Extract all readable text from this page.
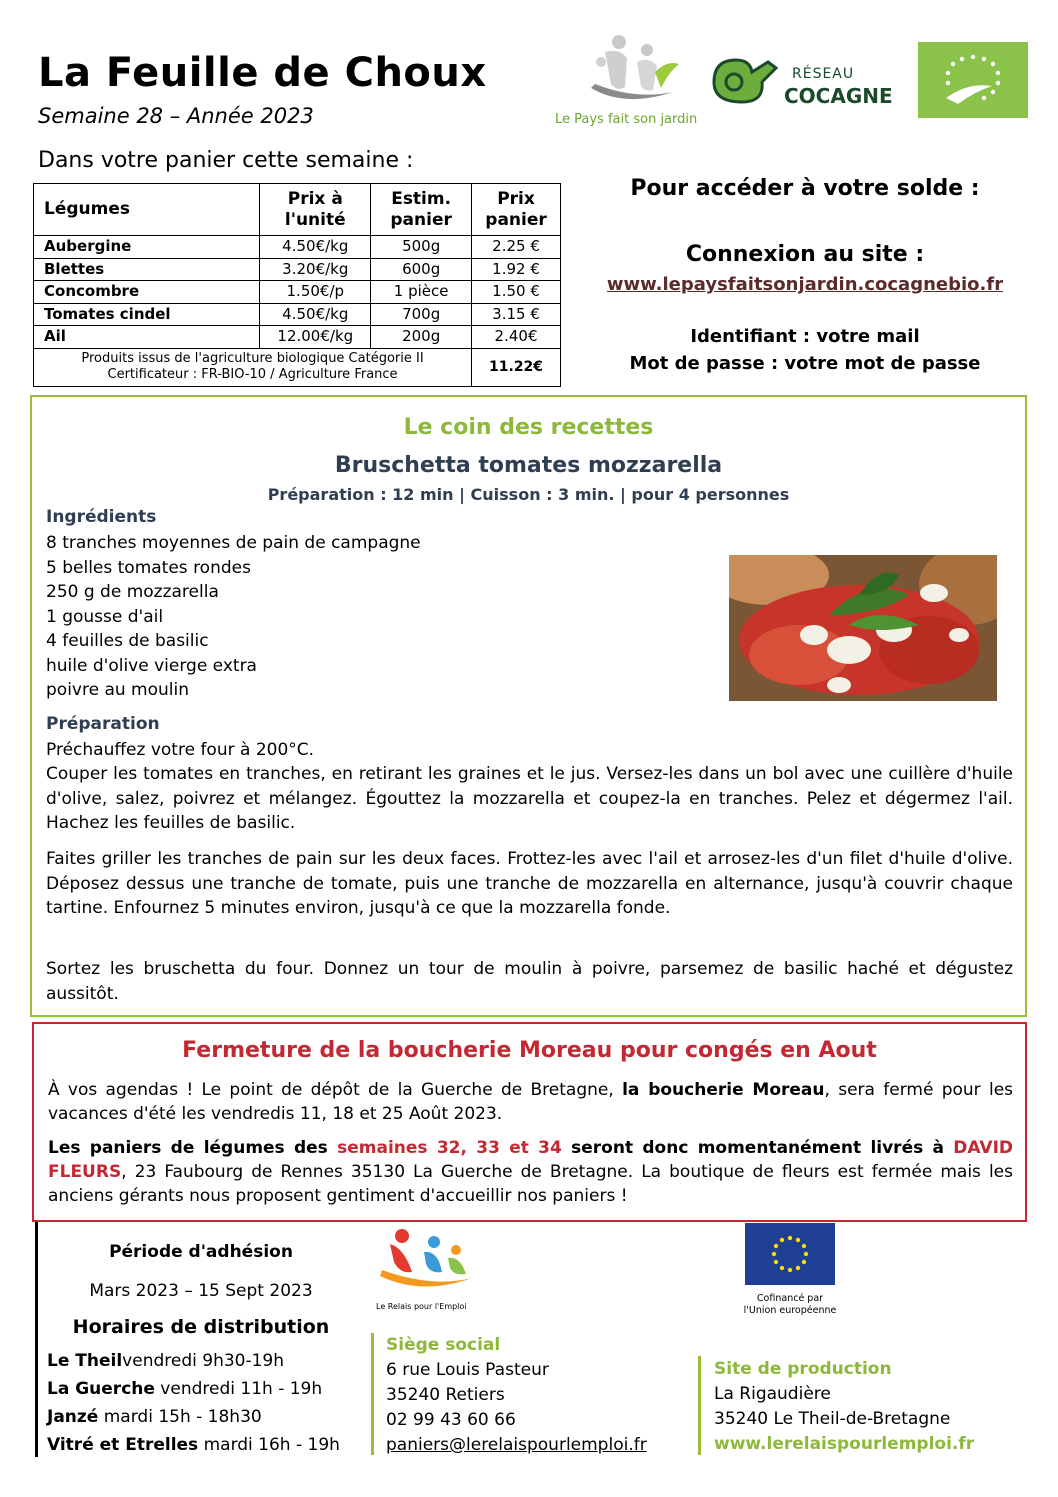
La Feuille de Choux
Semaine 28 – Année 2023
Dans votre panier cette semaine :
Le Pays fait son jardin
RÉSEAU
COCAGNE
Légumes	Prix à l'unité	Estim. panier	Prix panier
Aubergine	4.50€/kg	500g	2.25 €
Blettes	3.20€/kg	600g	1.92 €
Concombre	1.50€/p	1 pièce	1.50 €
Tomates cindel	4.50€/kg	700g	3.15 €
Ail	12.00€/kg	200g	2.40€

Produits issus de l'agriculture biologique Catégorie II
Certificateur : FR-BIO-10 / Agriculture France			11.22€
Pour accéder à votre solde :
Connexion au site :
www.lepaysfaitsonjardin.cocagnebio.fr
Identifiant : votre mail
Mot de passe : votre mot de passe
Le coin des recettes
Bruschetta tomates mozzarella
Préparation : 12 min | Cuisson : 3 min. | pour 4 personnes
Ingrédients
8 tranches moyennes de pain de campagne
5 belles tomates rondes
250 g de mozzarella
1 gousse d'ail
4 feuilles de basilic
huile d'olive vierge extra
poivre au moulin
Préparation
Préchauffez votre four à 200°C.
Couper les tomates en tranches, en retirant les graines et le jus. Versez-les dans un bol avec une cuillère d'huile d'olive, salez, poivrez et mélangez. Égouttez la mozzarella et coupez-la en tranches. Pelez et dégermez l'ail. Hachez les feuilles de basilic.
Faites griller les tranches de pain sur les deux faces. Frottez-les avec l'ail et arrosez-les d'un filet d'huile d'olive. Déposez dessus une tranche de tomate, puis une tranche de mozzarella en alternance, jusqu'à couvrir chaque tartine. Enfournez 5 minutes environ, jusqu'à ce que la mozzarella fonde.
Sortez les bruschetta du four. Donnez un tour de moulin à poivre, parsemez de basilic haché et dégustez aussitôt.
Fermeture de la boucherie Moreau pour congés en Aout
À vos agendas ! Le point de dépôt de la Guerche de Bretagne, la boucherie Moreau, sera fermé pour les vacances d'été les vendredis 11, 18 et 25 Août 2023.
Les paniers de légumes des semaines 32, 33 et 34 seront donc momentanément livrés à DAVID FLEURS, 23 Faubourg de Rennes 35130 La Guerche de Bretagne. La boutique de fleurs est fermée mais les anciens gérants nous proposent gentiment d'accueillir nos paniers !
Période d'adhésion
Mars 2023 – 15 Sept 2023
Horaires de distribution
Le Theilvendredi 9h30-19h
La Guerche vendredi 11h - 19h
Janzé mardi 15h - 18h30
Vitré et Etrelles mardi 16h - 19h
Le Relais pour l'Emploi
Cofinancé par
l'Union européenne
Siège social
6 rue Louis Pasteur
35240 Retiers
02 99 43 60 66
paniers@lerelaispourlemploi.fr
Site de production
La Rigaudière
35240 Le Theil-de-Bretagne
www.lerelaispourlemploi.fr
